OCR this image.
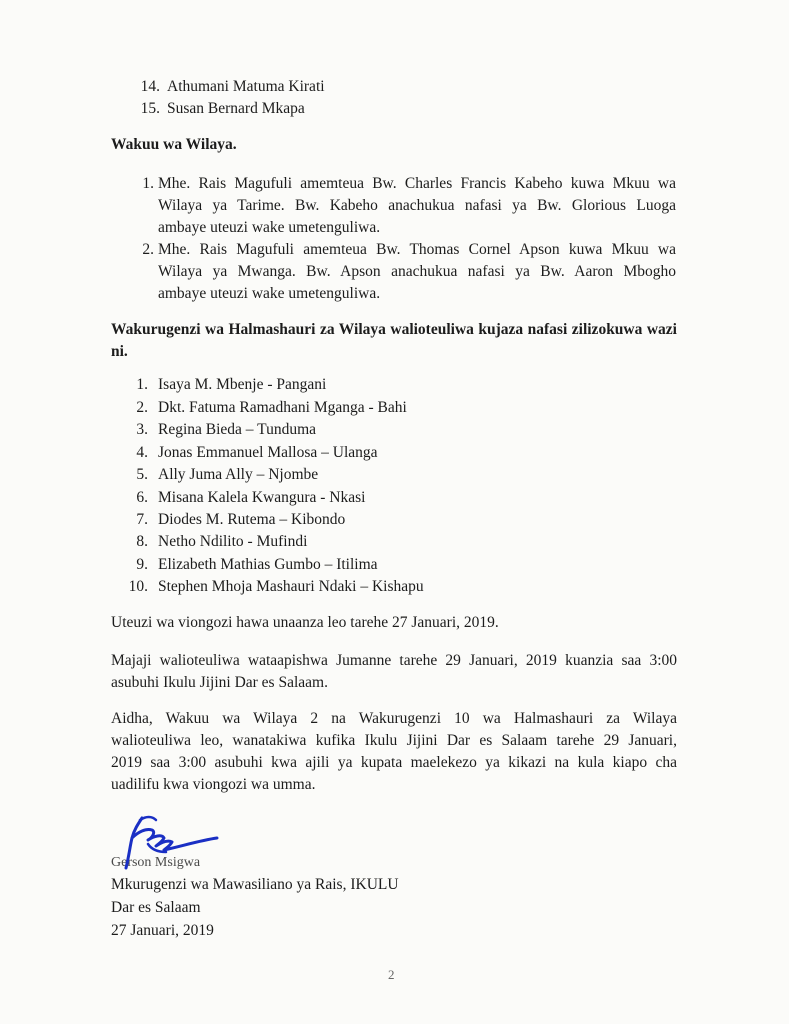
14. Athumani Matuma Kirati
15. Susan Bernard Mkapa
Wakuu wa Wilaya.
1. Mhe. Rais Magufuli amemteua Bw. Charles Francis Kabeho kuwa Mkuu wa
Wilaya ya Tarime. Bw. Kabeho anachukua nafasi ya Bw. Glorious Luoga
ambaye uteuzi wake umetenguliwa.
2. Mhe. Rais Magufuli amemteua Bw. Thomas Cornel Apson kuwa Mkuu wa
Wilaya ya Mwanga. Bw. Apson anachukua nafasi ya Bw. Aaron Mbogho
ambaye uteuzi wake umetenguliwa.
Wakurugenzi wa Halmashauri za Wilaya walioteuliwa kujaza nafasi zilizokuwa wazi
ni.
1. Isaya M. Mbenje - Pangani
2. Dkt. Fatuma Ramadhani Mganga - Bahi
3. Regina Bieda – Tunduma
4. Jonas Emmanuel Mallosa – Ulanga
5. Ally Juma Ally – Njombe
6. Misana Kalela Kwangura - Nkasi
7. Diodes M. Rutema – Kibondo
8. Netho Ndilito - Mufindi
9. Elizabeth Mathias Gumbo – Itilima
10. Stephen Mhoja Mashauri Ndaki – Kishapu
Uteuzi wa viongozi hawa unaanza leo tarehe 27 Januari, 2019.
Majaji walioteuliwa wataapishwa Jumanne tarehe 29 Januari, 2019 kuanzia saa 3:00
asubuhi Ikulu Jijini Dar es Salaam.
Aidha, Wakuu wa Wilaya 2 na Wakurugenzi 10 wa Halmashauri za Wilaya
walioteuliwa leo, wanatakiwa kufika Ikulu Jijini Dar es Salaam tarehe 29 Januari,
2019 saa 3:00 asubuhi kwa ajili ya kupata maelekezo ya kikazi na kula kiapo cha
uadilifu kwa viongozi wa umma.
Gerson Msigwa
Mkurugenzi wa Mawasiliano ya Rais, IKULU
Dar es Salaam
27 Januari, 2019
2
